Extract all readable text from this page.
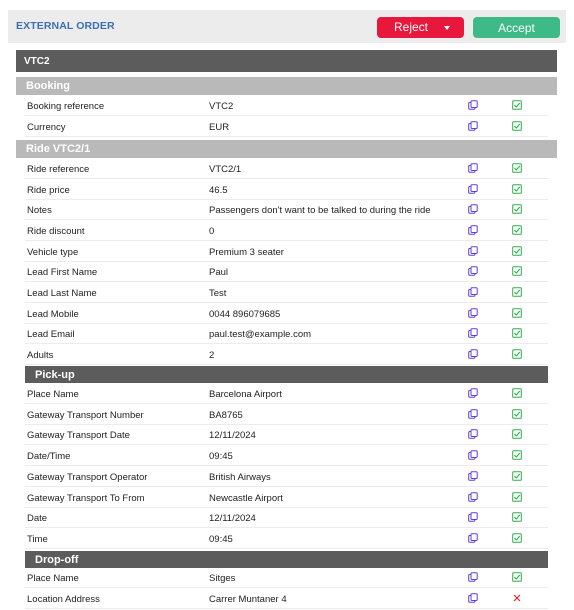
EXTERNAL ORDER	Reject	Accept
VTC2
Booking
Booking reference	VTC2
Currency	EUR
Ride VTC2/1
Ride reference	VTC2/1
Ride price	46.5
Notes	Passengers don't want to be talked to during the ride
Ride discount	0
Vehicle type	Premium 3 seater
Lead First Name	Paul
Lead Last Name	Test
Lead Mobile	0044 896079685
Lead Email	paul.test@example.com
Adults	2
Pick-up
Place Name	Barcelona Airport
Gateway Transport Number	BA8765
Gateway Transport Date	12/11/2024
Date/Time	09:45
Gateway Transport Operator	British Airways
Gateway Transport To From	Newcastle Airport
Date	12/11/2024
Time	09:45
Drop-off
Place Name	Sitges
Location Address	Carrer Muntaner 4
